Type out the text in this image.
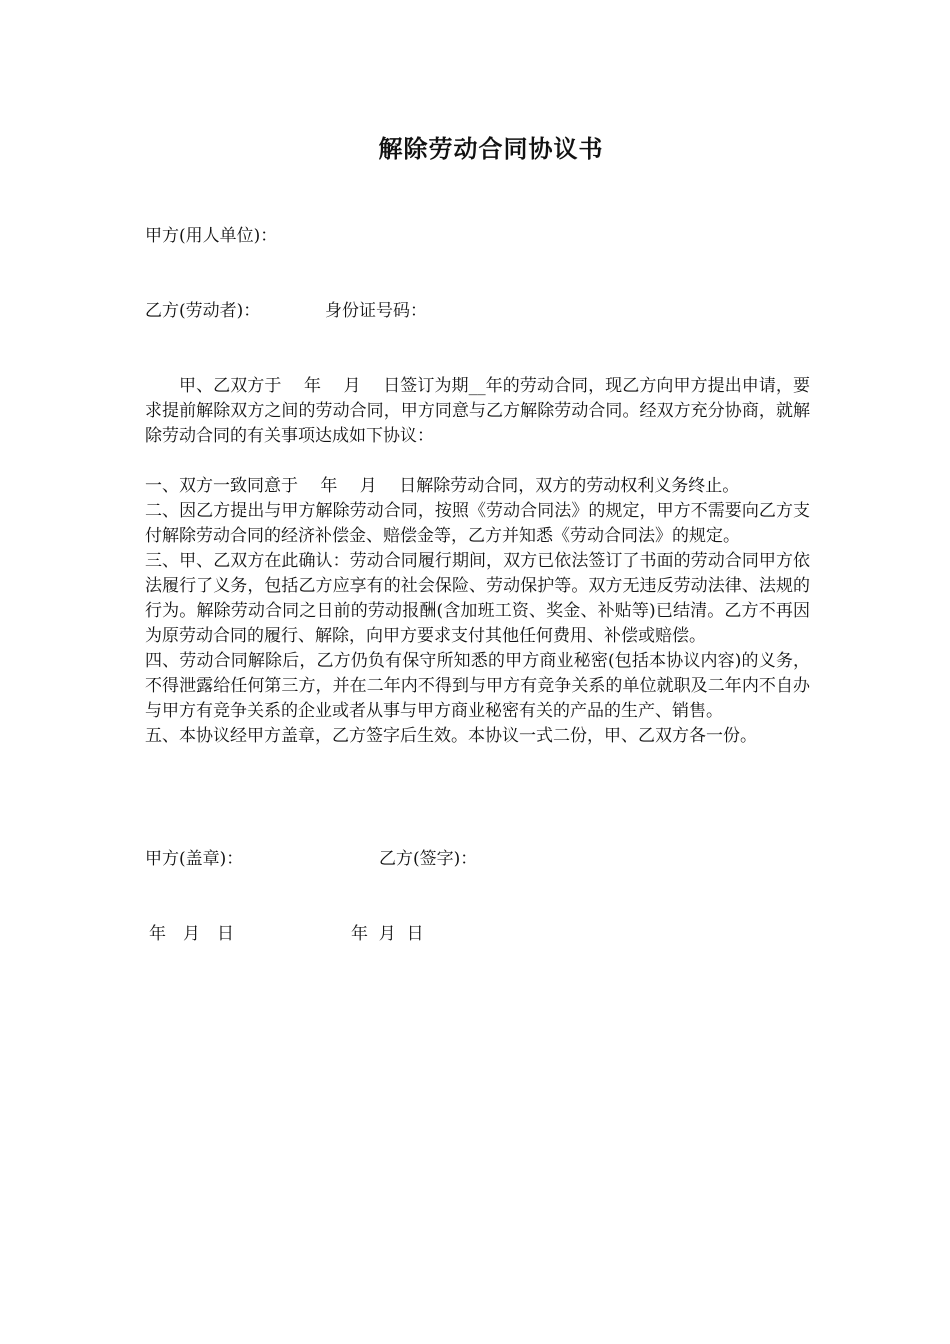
解除劳动合同协议书
甲方(用人单位)：
乙方(劳动者)：	身份证号码：

甲、乙双方于　 年　 月　 日签订为期__年的劳动合同，现乙方向甲方提出申请，要求提前解除双方之间的劳动合同，甲方同意与乙方解除劳动合同。经双方充分协商，就解除劳动合同的有关事项达成如下协议：

一、双方一致同意于　 年　 月　 日解除劳动合同，双方的劳动权利义务终止。

二、因乙方提出与甲方解除劳动合同，按照《劳动合同法》的规定，甲方不需要向乙方支付解除劳动合同的经济补偿金、赔偿金等，乙方并知悉《劳动合同法》的规定。

三、甲、乙双方在此确认：劳动合同履行期间，双方已依法签订了书面的劳动合同甲方依法履行了义务，包括乙方应享有的社会保险、劳动保护等。双方无违反劳动法律、法规的行为。解除劳动合同之日前的劳动报酬(含加班工资、奖金、补贴等)已结清。乙方不再因为原劳动合同的履行、解除，向甲方要求支付其他任何费用、补偿或赔偿。

四、劳动合同解除后，乙方仍负有保守所知悉的甲方商业秘密(包括本协议内容)的义务，不得泄露给任何第三方，并在二年内不得到与甲方有竞争关系的单位就职及二年内不自办与甲方有竞争关系的企业或者从事与甲方商业秘密有关的产品的生产、销售。

五、本协议经甲方盖章，乙方签字后生效。本协议一式二份，甲、乙双方各一份。

甲方(盖章)：	乙方(签字)：
年　月　日	年  月  日
